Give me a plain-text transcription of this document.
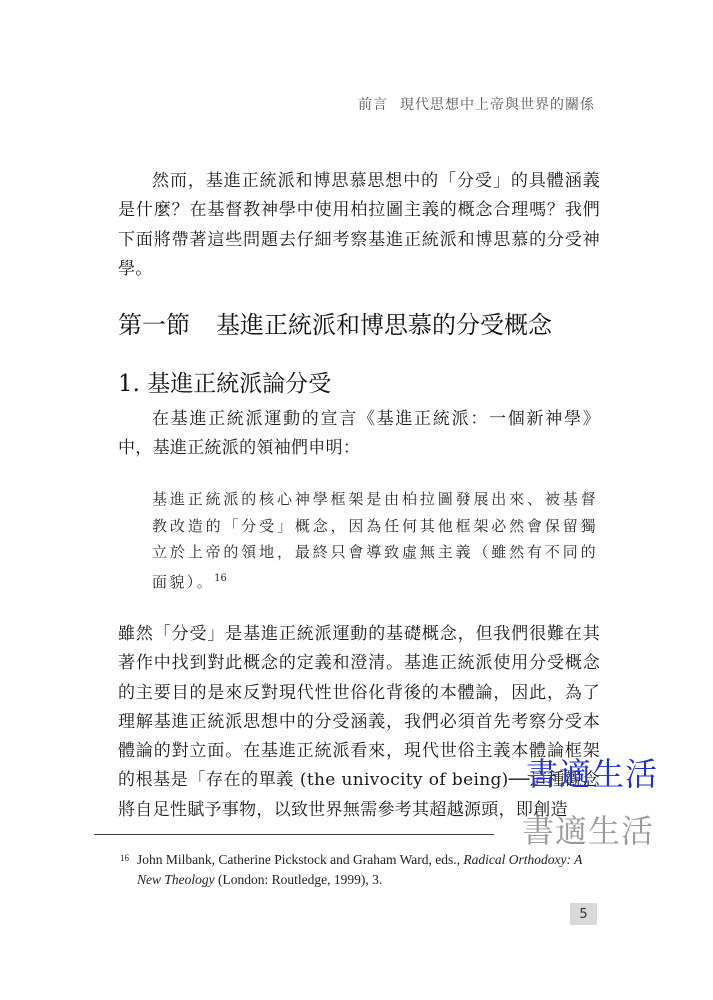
前言 現代思想中上帝與世界的關係

然而，基進正統派和博思慕思想中的「分受」的具體涵義是什麼？在基督教神學中使用柏拉圖主義的概念合理嗎？我們下面將帶著這些問題去仔細考察基進正統派和博思慕的分受神學。

第一節 基進正統派和博思慕的分受概念
1. 基進正統派論分受

在基進正統派運動的宣言《基進正統派：一個新神學》中，基進正統派的領袖們申明：

基進正統派的核心神學框架是由柏拉圖發展出來、被基督教改造的「分受」概念，因為任何其他框架必然會保留獨立於上帝的領地，最終只會導致虛無主義（雖然有不同的面貌）。$^{16}$

雖然「分受」是基進正統派運動的基礎概念，但我們很難在其著作中找到對此概念的定義和澄清。基進正統派使用分受概念的主要目的是來反對現代性世俗化背後的本體論，因此，為了理解基進正統派思想中的分受涵義，我們必須首先考察分受本體論的對立面。在基進正統派看來，現代世俗主義本體論框架的根基是「存在的單義 (the univocity of being)──這種觀念將自足性賦予事物，以致世界無需參考其超越源頭，即創造

16 John Milbank, Catherine Pickstock and Graham Ward, eds., Radical Orthodoxy: A New Theology (London: Routledge, 1999), 3.
5
書適生活
書適生活
